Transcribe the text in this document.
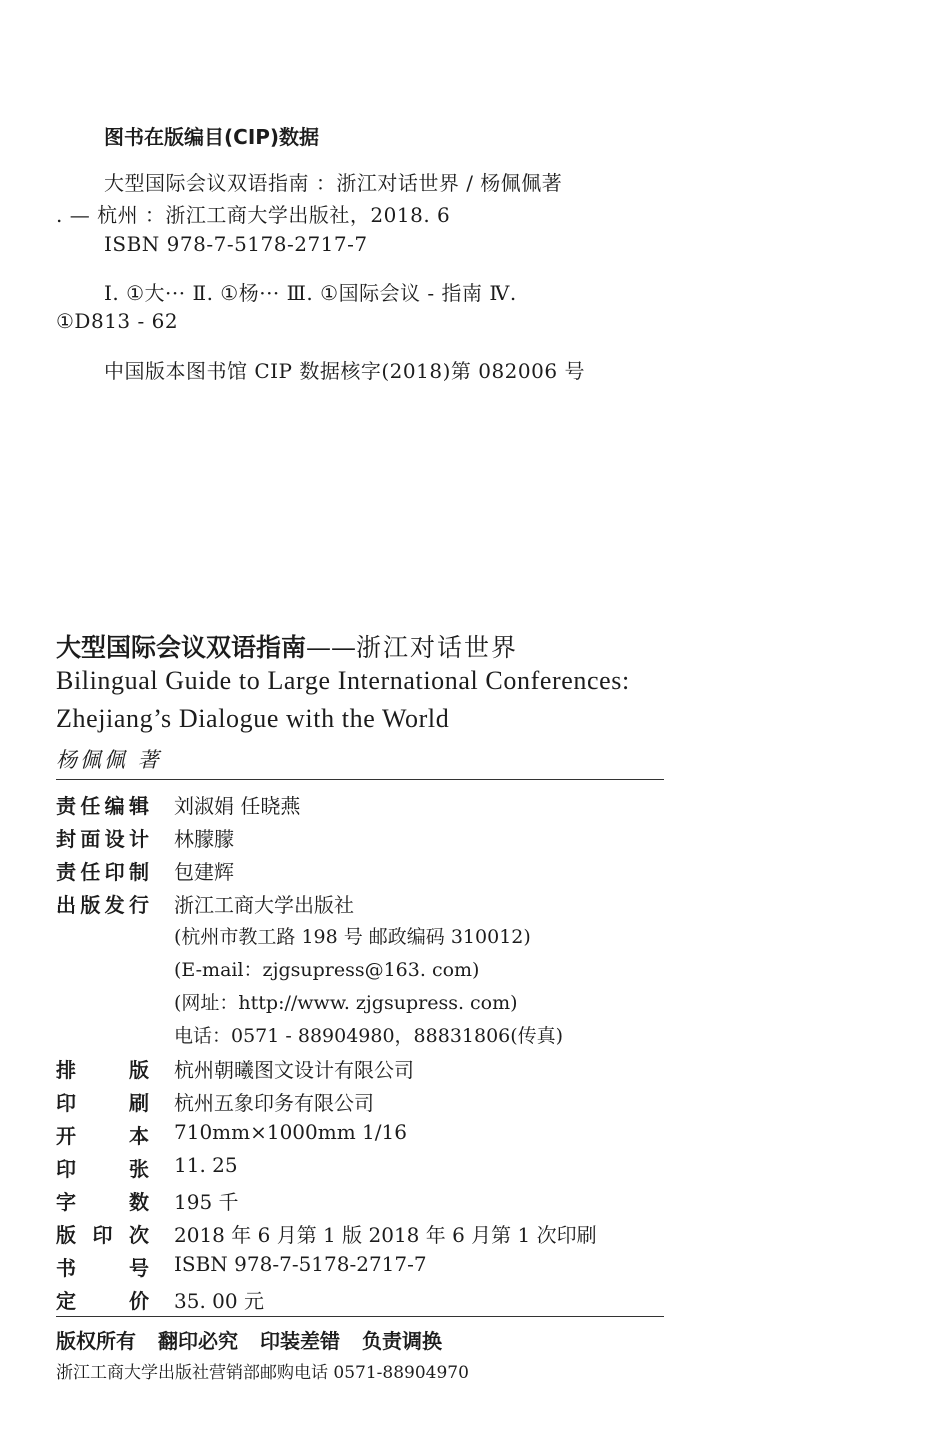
图书在版编目(CIP)数据
大型国际会议双语指南 ：浙江对话世界 / 杨佩佩著
. — 杭州 ：浙江工商大学出版社，2018. 6
ISBN 978-7-5178-2717-7
Ⅰ. ①大··· Ⅱ. ①杨··· Ⅲ. ①国际会议 - 指南 Ⅳ.
①D813 - 62
中国版本图书馆 CIP 数据核字(2018)第 082006 号
大型国际会议双语指南——浙江对话世界
Bilingual Guide to Large International Conferences:
Zhejiang’s Dialogue with the World
杨佩佩 著
责 任 编 辑 刘淑娟 任晓燕
封 面 设 计 林朦朦
责 任 印 制 包建辉
出 版 发 行 浙江工商大学出版社
(杭州市教工路 198 号 邮政编码 310012)
(E-mail：zjgsupress@163. com)
(网址：http://www. zjgsupress. com)
电话：0571 - 88904980，88831806(传真)
排	版 杭州朝曦图文设计有限公司
印	刷 杭州五象印务有限公司
开	本 710mm×1000mm 1/16
印	张 11. 25
字	数 195 千
版 印 次 2018 年 6 月第 1 版 2018 年 6 月第 1 次印刷
书	号 ISBN 978-7-5178-2717-7
定	价 35. 00 元
版权所有 翻印必究 印装差错 负责调换
浙江工商大学出版社营销部邮购电话 0571-88904970
